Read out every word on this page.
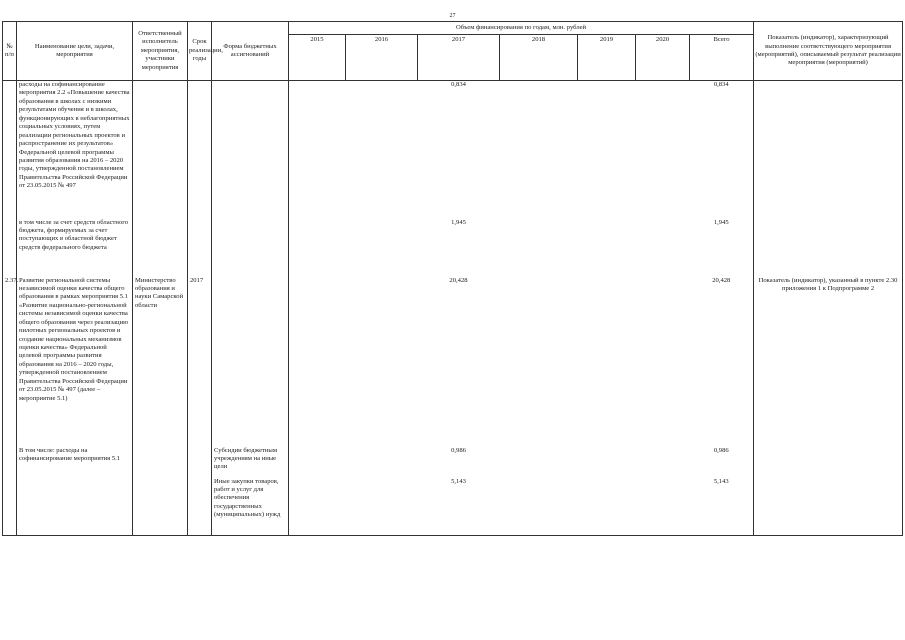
27
№ п/п	Наименование цели, задачи, мероприятия	Ответственный исполнитель мероприятия, участники мероприятия	Срок реализации, годы	Форма бюджетных ассигнований	Объем финансирования по годам, млн. рублей							Показатель (индикатор), характеризующий выполнение соответствующего мероприятия (мероприятий), описываемый результат реализации мероприятия (мероприятий)
					2015	2016	2017	2018	2019	2020	Всего	
	расходы на софинансирование мероприятия 2.2 «Повышение качества образования в школах с низкими результатами обучения и в школах, функционирующих в неблагоприятных социальных условиях, путем реализации региональных проектов и распространение их результатов» Федеральной целевой программы развития образования на 2016 – 2020 годы, утвержденной постановлением Правительства Российской Федерации от 23.05.2015 № 497						0,834				0,834	
	в том числе за счет средств областного бюджета, формируемых за счет поступающих в областной бюджет средств федерального бюджета						1,945				1,945	
2.37.	Развитие региональной системы независимой оценки качества общего образования в рамках мероприятия 5.1 «Развитие национально-региональной системы независимой оценки качества общего образования через реализацию пилотных региональных проектов и создание национальных механизмов оценки качества» Федеральной целевой программы развития образования на 2016 – 2020 годы, утвержденной постановлением Правительства Российской Федерации от 23.05.2015 № 497 (далее – мероприятие 5.1)	Министерство образования и науки Самарской области	2017				20,428				20,428	Показатель (индикатор), указанный в пункте 2.30 приложения 1 к Подпрограмме 2
	В том числе: расходы на софинансирование мероприятия 5.1			Субсидии бюджетным учреждениям на иные цели			0,986				0,986	
				Иные закупки товаров, работ и услуг для обеспечения государственных (муниципальных) нужд			5,143				5,143	
